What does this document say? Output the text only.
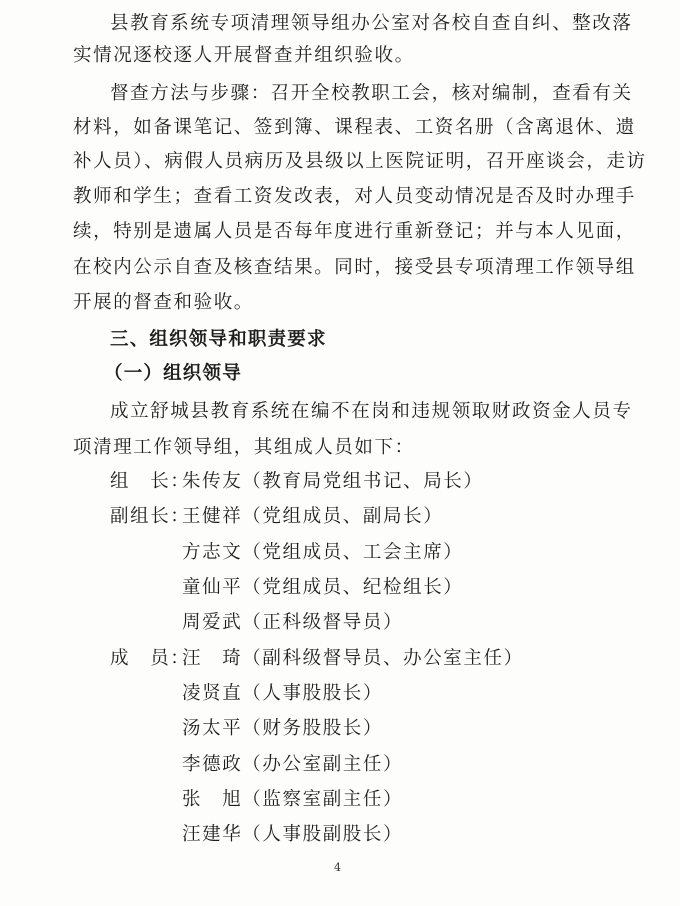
县教育系统专项清理领导组办公室对各校自查自纠、整改落
实情况逐校逐人开展督查并组织验收。
督查方法与步骤：召开全校教职工会，核对编制，查看有关
材料，如备课笔记、签到簿、课程表、工资名册（含离退休、遗
补人员）、病假人员病历及县级以上医院证明，召开座谈会，走访
教师和学生；查看工资发改表，对人员变动情况是否及时办理手
续，特别是遗属人员是否每年度进行重新登记；并与本人见面，
在校内公示自查及核查结果。同时，接受县专项清理工作领导组
开展的督查和验收。
三、组织领导和职责要求
（一）组织领导
成立舒城县教育系统在编不在岗和违规领取财政资金人员专
项清理工作领导组，其组成人员如下：
组　长：
朱传友（教育局党组书记、局长）
副组长：
王健祥（党组成员、副局长）
方志文（党组成员、工会主席）
童仙平（党组成员、纪检组长）
周爱武（正科级督导员）
成　员：
汪　琦（副科级督导员、办公室主任）
凌贤直（人事股股长）
汤太平（财务股股长）
李德政（办公室副主任）
张　旭（监察室副主任）
汪建华（人事股副股长）
4
